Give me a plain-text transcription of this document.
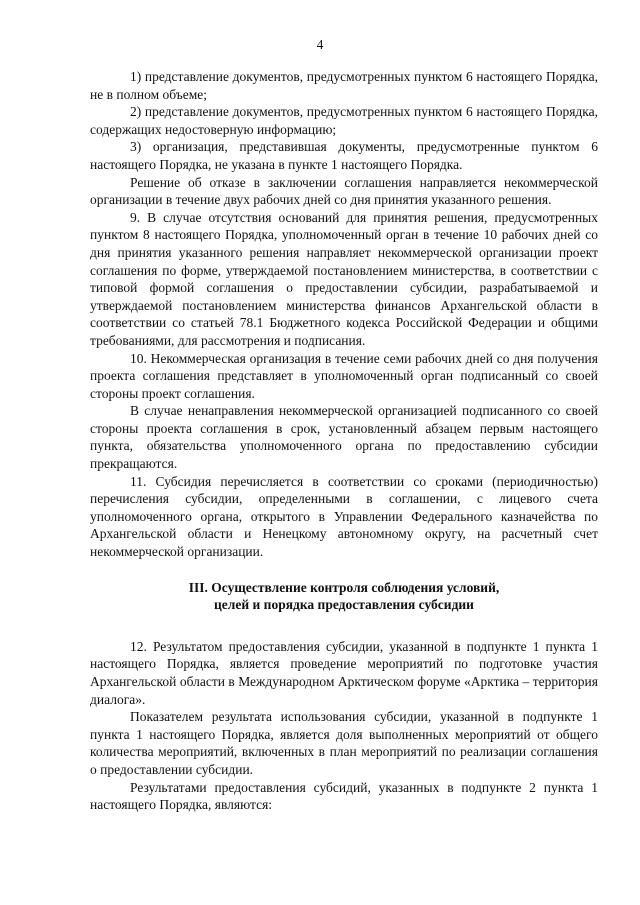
4

1) представление документов, предусмотренных пунктом 6 настоящего Порядка, не в полном объеме;

2) представление документов, предусмотренных пунктом 6 настоящего Порядка, содержащих недостоверную информацию;

3) организация, представившая документы, предусмотренные пунктом 6 настоящего Порядка, не указана в пункте 1 настоящего Порядка.

Решение об отказе в заключении соглашения направляется некоммерческой организации в течение двух рабочих дней со дня принятия указанного решения.

9. В случае отсутствия оснований для принятия решения, предусмотренных пунктом 8 настоящего Порядка, уполномоченный орган в течение 10 рабочих дней со дня принятия указанного решения направляет некоммерческой организации проект соглашения по форме, утверждаемой постановлением министерства, в соответствии с типовой формой соглашения о предоставлении субсидии, разрабатываемой и утверждаемой постановлением министерства финансов Архангельской области в соответствии со статьей 78.1 Бюджетного кодекса Российской Федерации и общими требованиями, для рассмотрения и подписания.

10. Некоммерческая организация в течение семи рабочих дней со дня получения проекта соглашения представляет в уполномоченный орган подписанный со своей стороны проект соглашения.

В случае ненаправления некоммерческой организацией подписанного со своей стороны проекта соглашения в срок, установленный абзацем первым настоящего пункта, обязательства уполномоченного органа по предоставлению субсидии прекращаются.

11. Субсидия перечисляется в соответствии со сроками (периодичностью) перечисления субсидии, определенными в соглашении, с лицевого счета уполномоченного органа, открытого в Управлении Федерального казначейства по Архангельской области и Ненецкому автономному округу, на расчетный счет некоммерческой организации.

III. Осуществление контроля соблюдения условий,
целей и порядка предоставления субсидии

12. Результатом предоставления субсидии, указанной в подпункте 1 пункта 1 настоящего Порядка, является проведение мероприятий по подготовке участия Архангельской области в Международном Арктическом форуме «Арктика – территория диалога».

Показателем результата использования субсидии, указанной в подпункте 1 пункта 1 настоящего Порядка, является доля выполненных мероприятий от общего количества мероприятий, включенных в план мероприятий по реализации соглашения о предоставлении субсидии.

Результатами предоставления субсидий, указанных в подпункте 2 пункта 1 настоящего Порядка, являются:
